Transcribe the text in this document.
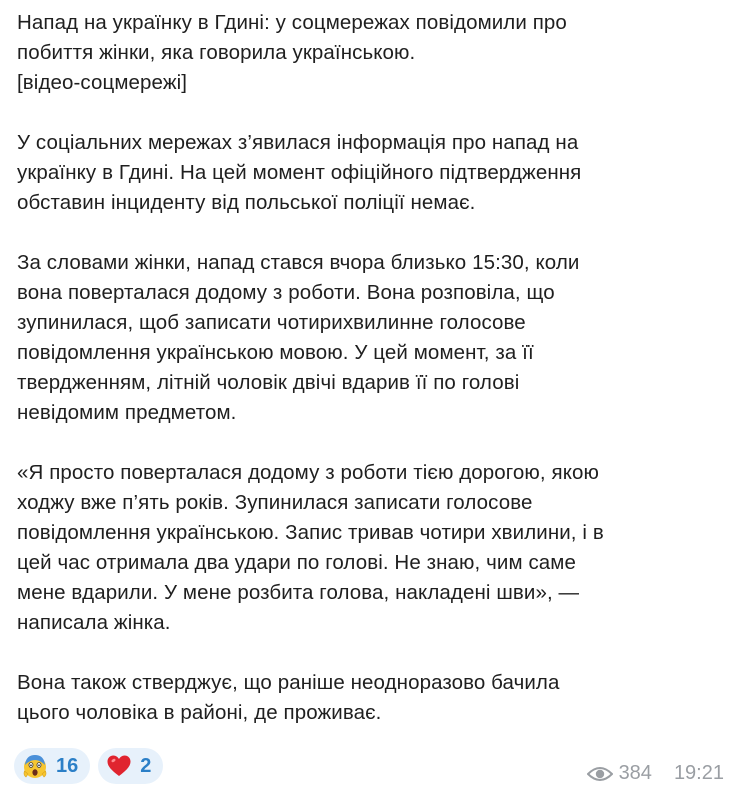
Напад на українку в Гдині: у соцмережах повідомили про
побиття жінки, яка говорила українською.
[відео-соцмережі]

У соціальних мережах з’явилася інформація про напад на
українку в Гдині. На цей момент офіційного підтвердження
обставин інциденту від польської поліції немає.

За словами жінки, напад стався вчора близько 15:30, коли
вона поверталася додому з роботи. Вона розповіла, що
зупинилася, щоб записати чотирихвилинне голосове
повідомлення українською мовою. У цей момент, за її
твердженням, літній чоловік двічі вдарив її по голові
невідомим предметом.

«Я просто поверталася додому з роботи тією дорогою, якою
ходжу вже п’ять років. Зупинилася записати голосове
повідомлення українською. Запис тривав чотири хвилини, і в
цей час отримала два удари по голові. Не знаю, чим саме
мене вдарили. У мене розбита голова, накладені шви», —
написала жінка.

Вона також стверджує, що раніше неодноразово бачила
цього чоловіка в районі, де проживає.

16	2	384 19:21
